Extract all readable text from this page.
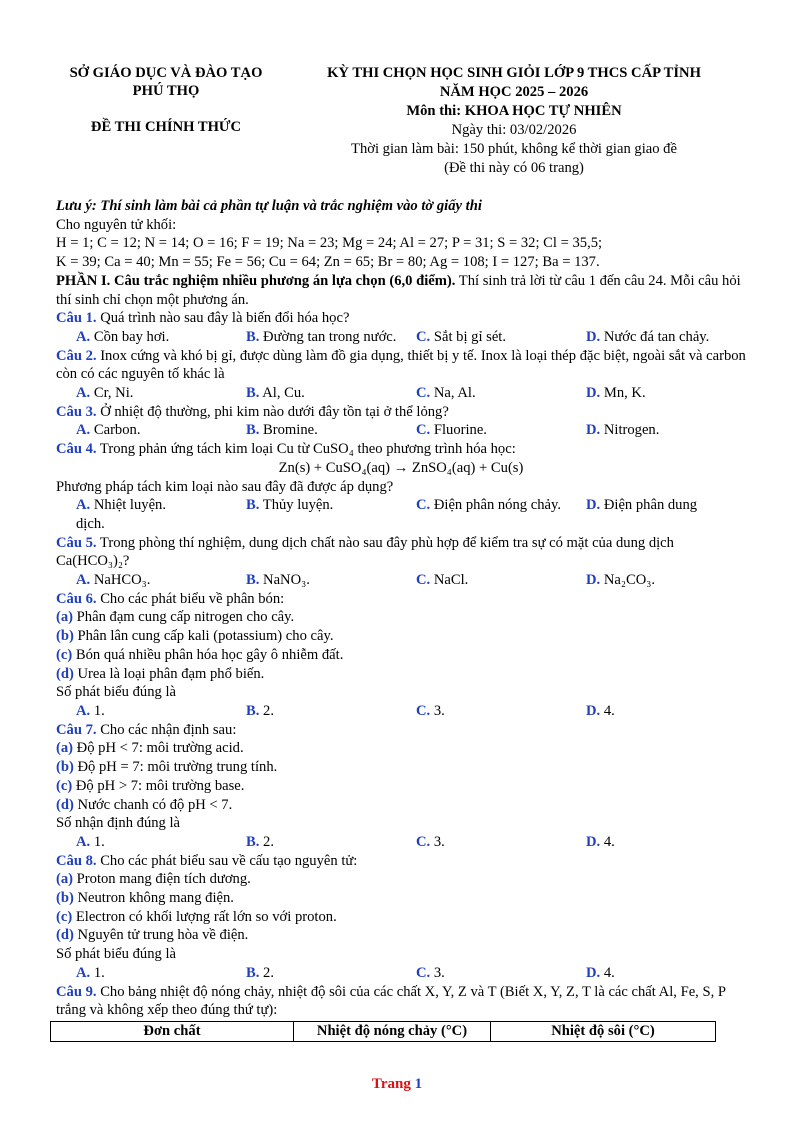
SỞ GIÁO DỤC VÀ ĐÀO TẠO
PHÚ THỌ
ĐỀ THI CHÍNH THỨC
KỲ THI CHỌN HỌC SINH GIỎI LỚP 9 THCS CẤP TỈNH
NĂM HỌC 2025 – 2026
Môn thi: KHOA HỌC TỰ NHIÊN
Ngày thi: 03/02/2026
Thời gian làm bài: 150 phút, không kể thời gian giao đề
(Đề thi này có 06 trang)

Lưu ý: Thí sinh làm bài cả phần tự luận và trắc nghiệm vào tờ giấy thi

Cho nguyên tử khối:

H = 1; C = 12; N = 14; O = 16; F = 19; Na = 23; Mg = 24; Al = 27; P = 31; S = 32; Cl = 35,5;

K = 39; Ca = 40; Mn = 55; Fe = 56; Cu = 64; Zn = 65; Br = 80; Ag = 108; I = 127; Ba = 137.

PHẦN I. Câu trắc nghiệm nhiều phương án lựa chọn (6,0 điểm). Thí sinh trả lời từ câu 1 đến câu 24. Mỗi câu hỏi thí sinh chỉ chọn một phương án.

Câu 1. Quá trình nào sau đây là biến đổi hóa học?

A. Cồn bay hơi.	B. Đường tan trong nước.	C. Sắt bị gỉ sét.	D. Nước đá tan chảy.

Câu 2. Inox cứng và khó bị gỉ, được dùng làm đồ gia dụng, thiết bị y tế. Inox là loại thép đặc biệt, ngoài sắt và carbon còn có các nguyên tố khác là

A. Cr, Ni.	B. Al, Cu.	C. Na, Al.	D. Mn, K.

Câu 3. Ở nhiệt độ thường, phi kim nào dưới đây tồn tại ở thể lỏng?

A. Carbon.	B. Bromine.	C. Fluorine.	D. Nitrogen.

Câu 4. Trong phản ứng tách kim loại Cu từ CuSO₄ theo phương trình hóa học:

Zn(s) + CuSO₄(aq) → ZnSO₄(aq) + Cu(s)

Phương pháp tách kim loại nào sau đây đã được áp dụng?

A. Nhiệt luyện.	B. Thủy luyện.	C. Điện phân nóng chảy.	D. Điện phân dung

dịch.

Câu 5. Trong phòng thí nghiệm, dung dịch chất nào sau đây phù hợp để kiểm tra sự có mặt của dung dịch Ca(HCO₃)₂?

A. NaHCO₃.	B. NaNO₃.	C. NaCl.	D. Na₂CO₃.

Câu 6. Cho các phát biểu về phân bón:

(a) Phân đạm cung cấp nitrogen cho cây.

(b) Phân lân cung cấp kali (potassium) cho cây.

(c) Bón quá nhiều phân hóa học gây ô nhiễm đất.

(d) Urea là loại phân đạm phổ biến.

Số phát biểu đúng là

A. 1.	B. 2.	C. 3.	D. 4.

Câu 7. Cho các nhận định sau:

(a) Độ pH < 7: môi trường acid.

(b) Độ pH = 7: môi trường trung tính.

(c) Độ pH > 7: môi trường base.

(d) Nước chanh có độ pH < 7.

Số nhận định đúng là

A. 1.	B. 2.	C. 3.	D. 4.

Câu 8. Cho các phát biểu sau về cấu tạo nguyên tử:

(a) Proton mang điện tích dương.

(b) Neutron không mang điện.

(c) Electron có khối lượng rất lớn so với proton.

(d) Nguyên tử trung hòa về điện.

Số phát biểu đúng là

A. 1.	B. 2.	C. 3.	D. 4.

Câu 9. Cho bảng nhiệt độ nóng chảy, nhiệt độ sôi của các chất X, Y, Z và T (Biết X, Y, Z, T là các chất Al, Fe, S, P trắng và không xếp theo đúng thứ tự):

Đơn chất	Nhiệt độ nóng chảy (°C)	Nhiệt độ sôi (°C)
Trang 1
